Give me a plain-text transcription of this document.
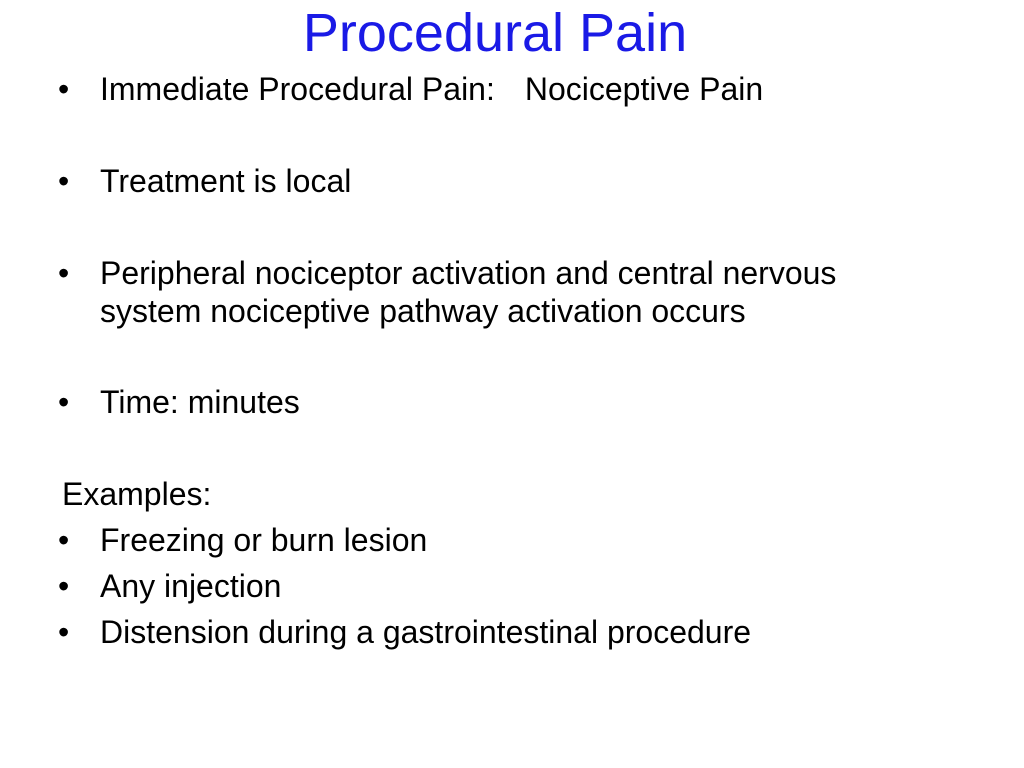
Procedural Pain
• Immediate Procedural Pain: Nociceptive Pain
• Treatment is local
• Peripheral nociceptor activation and central nervous
system nociceptive pathway activation occurs
• Time: minutes
Examples:
• Freezing or burn lesion
• Any injection
• Distension during a gastrointestinal procedure
